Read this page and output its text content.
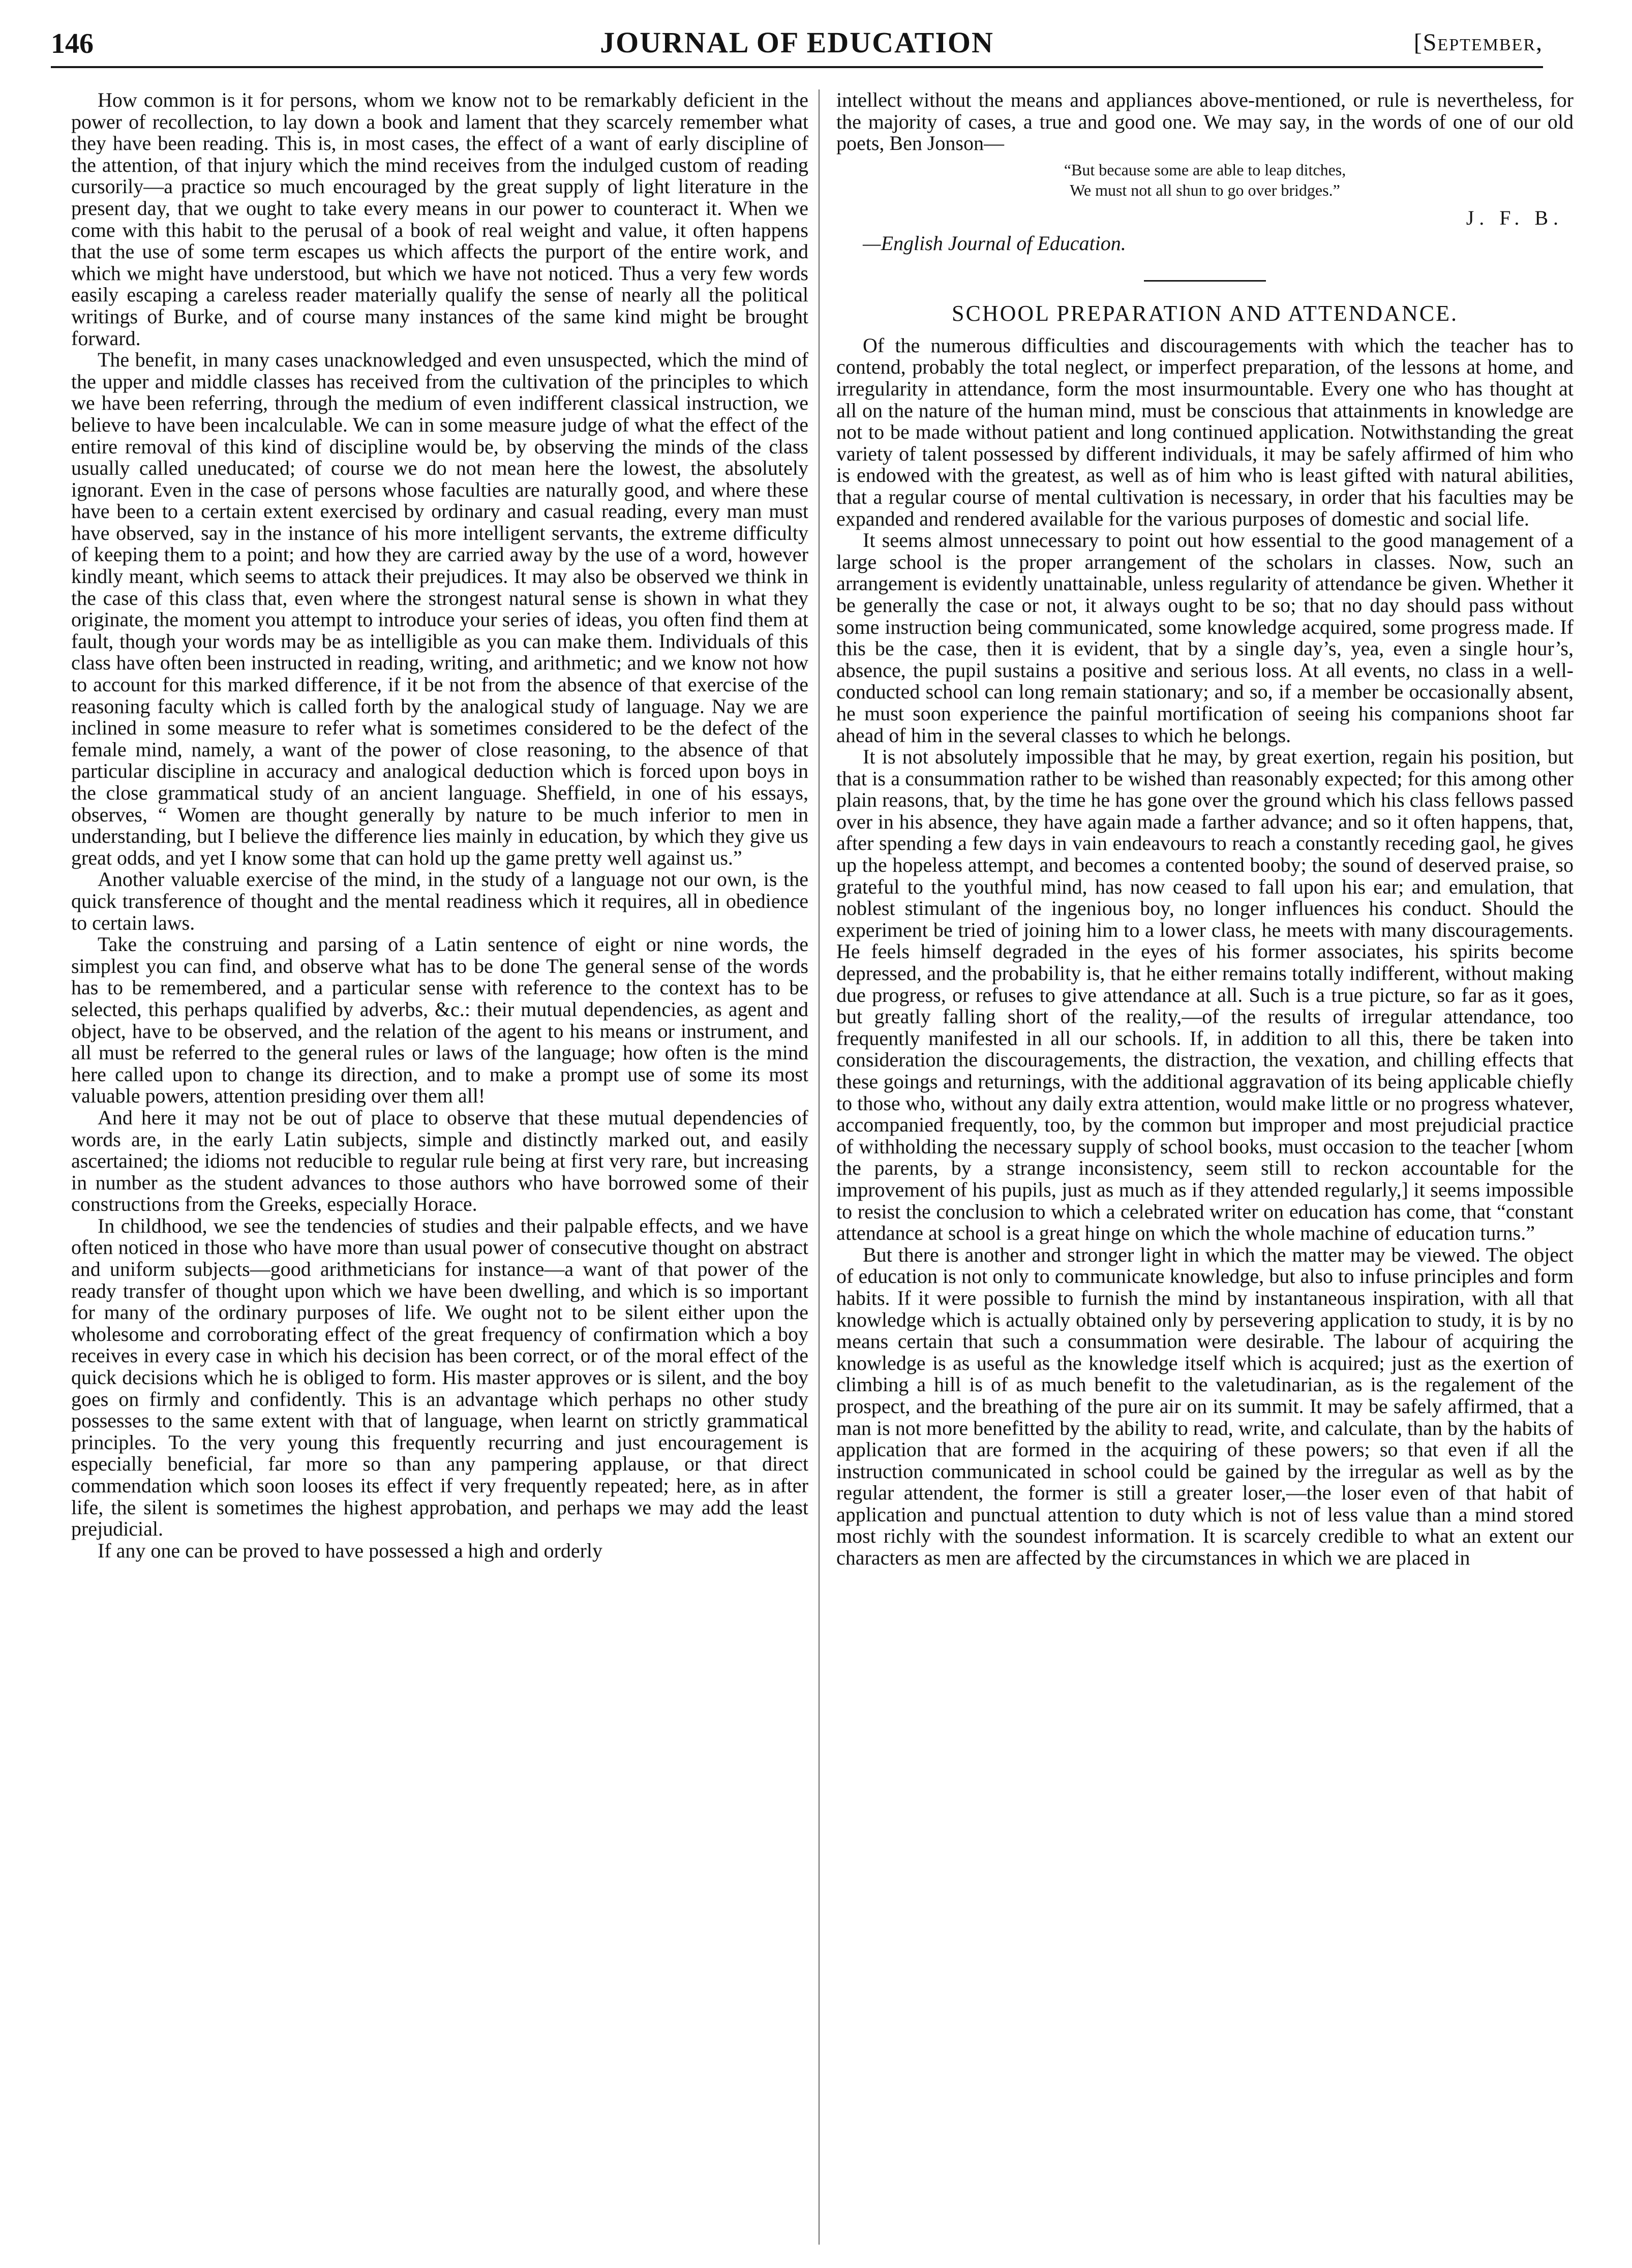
146	JOURNAL OF EDUCATION	[September,

How common is it for persons, whom we know not to be remarkably deficient in the power of recollection, to lay down a book and lament that they scarcely remember what they have been reading. This is, in most cases, the effect of a want of early discipline of the attention, of that injury which the mind receives from the indulged custom of reading cursorily—a practice so much encouraged by the great supply of light literature in the present day, that we ought to take every means in our power to counteract it. When we come with this habit to the perusal of a book of real weight and value, it often happens that the use of some term escapes us which affects the purport of the entire work, and which we might have understood, but which we have not noticed. Thus a very few words easily escaping a careless reader materially qualify the sense of nearly all the political writings of Burke, and of course many instances of the same kind might be brought forward.

The benefit, in many cases unacknowledged and even unsuspected, which the mind of the upper and middle classes has received from the cultivation of the principles to which we have been referring, through the medium of even indifferent classical instruction, we believe to have been incalculable. We can in some measure judge of what the effect of the entire removal of this kind of discipline would be, by observing the minds of the class usually called uneducated; of course we do not mean here the lowest, the absolutely ignorant. Even in the case of persons whose faculties are naturally good, and where these have been to a certain extent exercised by ordinary and casual reading, every man must have observed, say in the instance of his more intelligent servants, the extreme difficulty of keeping them to a point; and how they are carried away by the use of a word, however kindly meant, which seems to attack their prejudices. It may also be observed we think in the case of this class that, even where the strongest natural sense is shown in what they originate, the moment you attempt to introduce your series of ideas, you often find them at fault, though your words may be as intelligible as you can make them. Individuals of this class have often been instructed in reading, writing, and arithmetic; and we know not how to account for this marked difference, if it be not from the absence of that exercise of the reasoning faculty which is called forth by the analogical study of language. Nay we are inclined in some measure to refer what is sometimes considered to be the defect of the female mind, namely, a want of the power of close reasoning, to the absence of that particular discipline in accuracy and analogical deduction which is forced upon boys in the close grammatical study of an ancient language. Sheffield, in one of his essays, observes, “ Women are thought generally by nature to be much inferior to men in understanding, but I believe the difference lies mainly in education, by which they give us great odds, and yet I know some that can hold up the game pretty well against us.”

Another valuable exercise of the mind, in the study of a language not our own, is the quick transference of thought and the mental readiness which it requires, all in obedience to certain laws.

Take the construing and parsing of a Latin sentence of eight or nine words, the simplest you can find, and observe what has to be done The general sense of the words has to be remembered, and a particular sense with reference to the context has to be selected, this perhaps qualified by adverbs, &c.: their mutual dependencies, as agent and object, have to be observed, and the relation of the agent to his means or instrument, and all must be referred to the general rules or laws of the language; how often is the mind here called upon to change its direction, and to make a prompt use of some its most valuable powers, attention presiding over them all!

And here it may not be out of place to observe that these mutual dependencies of words are, in the early Latin subjects, simple and distinctly marked out, and easily ascertained; the idioms not reducible to regular rule being at first very rare, but increasing in number as the student advances to those authors who have borrowed some of their constructions from the Greeks, especially Horace.

In childhood, we see the tendencies of studies and their palpable effects, and we have often noticed in those who have more than usual power of consecutive thought on abstract and uniform subjects—good arithmeticians for instance—a want of that power of the ready transfer of thought upon which we have been dwelling, and which is so important for many of the ordinary purposes of life. We ought not to be silent either upon the wholesome and corroborating effect of the great frequency of confirmation which a boy receives in every case in which his decision has been correct, or of the moral effect of the quick decisions which he is obliged to form. His master approves or is silent, and the boy goes on firmly and confidently. This is an advantage which perhaps no other study possesses to the same extent with that of language, when learnt on strictly grammatical principles. To the very young this frequently recurring and just encouragement is especially beneficial, far more so than any pampering applause, or that direct commendation which soon looses its effect if very frequently repeated; here, as in after life, the silent is sometimes the highest approbation, and perhaps we may add the least prejudicial.

If any one can be proved to have possessed a high and orderly

intellect without the means and appliances above-mentioned, or rule is nevertheless, for the majority of cases, a true and good one. We may say, in the words of one of our old poets, Ben Jonson—

“But because some are able to leap ditches,
We must not all shun to go over bridges.”
J. F. B.

—English Journal of Education.

SCHOOL PREPARATION AND ATTENDANCE.

Of the numerous difficulties and discouragements with which the teacher has to contend, probably the total neglect, or imperfect preparation, of the lessons at home, and irregularity in attendance, form the most insurmountable. Every one who has thought at all on the nature of the human mind, must be conscious that attainments in knowledge are not to be made without patient and long continued application. Notwithstanding the great variety of talent possessed by different individuals, it may be safely affirmed of him who is endowed with the greatest, as well as of him who is least gifted with natural abilities, that a regular course of mental cultivation is necessary, in order that his faculties may be expanded and rendered available for the various purposes of domestic and social life.

It seems almost unnecessary to point out how essential to the good management of a large school is the proper arrangement of the scholars in classes. Now, such an arrangement is evidently unattainable, unless regularity of attendance be given. Whether it be generally the case or not, it always ought to be so; that no day should pass without some instruction being communicated, some knowledge acquired, some progress made. If this be the case, then it is evident, that by a single day’s, yea, even a single hour’s, absence, the pupil sustains a positive and serious loss. At all events, no class in a well-conducted school can long remain stationary; and so, if a member be occasionally absent, he must soon experience the painful mortification of seeing his companions shoot far ahead of him in the several classes to which he belongs.

It is not absolutely impossible that he may, by great exertion, regain his position, but that is a consummation rather to be wished than reasonably expected; for this among other plain reasons, that, by the time he has gone over the ground which his class fellows passed over in his absence, they have again made a farther advance; and so it often happens, that, after spending a few days in vain endeavours to reach a constantly receding gaol, he gives up the hopeless attempt, and becomes a contented booby; the sound of deserved praise, so grateful to the youthful mind, has now ceased to fall upon his ear; and emulation, that noblest stimulant of the ingenious boy, no longer influences his conduct. Should the experiment be tried of joining him to a lower class, he meets with many discouragements. He feels himself degraded in the eyes of his former associates, his spirits become depressed, and the probability is, that he either remains totally indifferent, without making due progress, or refuses to give attendance at all. Such is a true picture, so far as it goes, but greatly falling short of the reality,—of the results of irregular attendance, too frequently manifested in all our schools. If, in addition to all this, there be taken into consideration the discouragements, the distraction, the vexation, and chilling effects that these goings and returnings, with the additional aggravation of its being applicable chiefly to those who, without any daily extra attention, would make little or no progress whatever, accompanied frequently, too, by the common but improper and most prejudicial practice of withholding the necessary supply of school books, must occasion to the teacher [whom the parents, by a strange inconsistency, seem still to reckon accountable for the improvement of his pupils, just as much as if they attended regularly,] it seems impossible to resist the conclusion to which a celebrated writer on education has come, that “constant attendance at school is a great hinge on which the whole machine of education turns.”

But there is another and stronger light in which the matter may be viewed. The object of education is not only to communicate knowledge, but also to infuse principles and form habits. If it were possible to furnish the mind by instantaneous inspiration, with all that knowledge which is actually obtained only by persevering application to study, it is by no means certain that such a consummation were desirable. The labour of acquiring the knowledge is as useful as the knowledge itself which is acquired; just as the exertion of climbing a hill is of as much benefit to the valetudinarian, as is the regalement of the prospect, and the breathing of the pure air on its summit. It may be safely affirmed, that a man is not more benefitted by the ability to read, write, and calculate, than by the habits of application that are formed in the acquiring of these powers; so that even if all the instruction communicated in school could be gained by the irregular as well as by the regular attendent, the former is still a greater loser,—the loser even of that habit of application and punctual attention to duty which is not of less value than a mind stored most richly with the soundest information. It is scarcely credible to what an extent our characters as men are affected by the circumstances in which we are placed in
